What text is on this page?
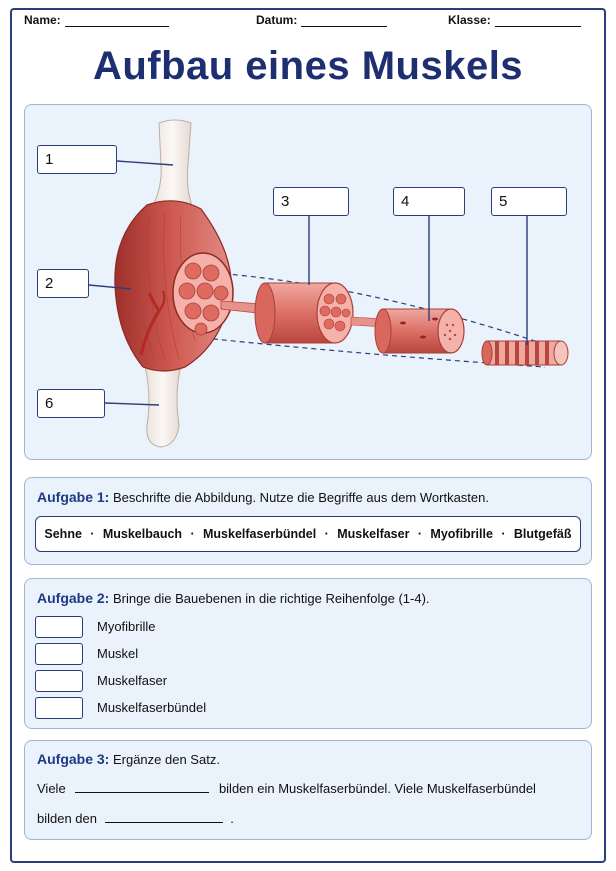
Name:	Datum:	Klasse:
Aufbau eines Muskels
1
2
3	4	5
6
Aufgabe 1: Beschrifte die Abbildung. Nutze die Begriffe aus dem Wortkasten.
Sehne · Muskelbauch · Muskelfaserbündel · Muskelfaser · Myofibrille · Blutgefäß
Aufgabe 2: Bringe die Bauebenen in die richtige Reihenfolge (1-4).
Myofibrille
Muskel
Muskelfaser
Muskelfaserbündel
Aufgabe 3: Ergänze den Satz.
Viele	bilden ein Muskelfaserbündel. Viele Muskelfaserbündel
bilden den	.
